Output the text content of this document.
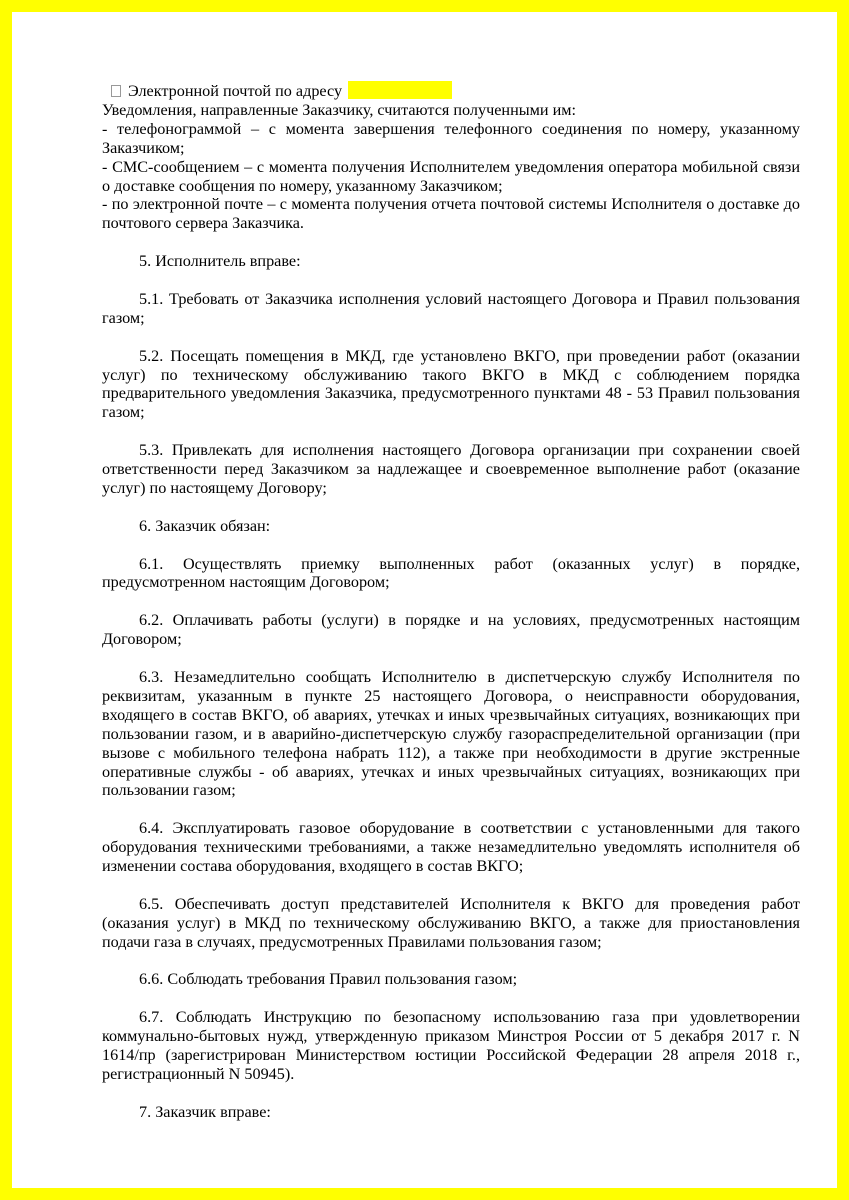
Электронной почтой по адресу

Уведомления, направленные Заказчику, считаются полученными им:

- телефонограммой – с момента завершения телефонного соединения по номеру, указанному Заказчиком;

- СМС-сообщением – с момента получения Исполнителем уведомления оператора мобильной связи о доставке сообщения по номеру, указанному Заказчиком;

- по электронной почте – с момента получения отчета почтовой системы Исполнителя о доставке до почтового сервера Заказчика.

5. Исполнитель вправе:

5.1. Требовать от Заказчика исполнения условий настоящего Договора и Правил пользования газом;

5.2. Посещать помещения в МКД, где установлено ВКГО, при проведении работ (оказании услуг) по техническому обслуживанию такого ВКГО в МКД с соблюдением порядка предварительного уведомления Заказчика, предусмотренного пунктами 48 - 53 Правил пользования газом;

5.3. Привлекать для исполнения настоящего Договора организации при сохранении своей ответственности перед Заказчиком за надлежащее и своевременное выполнение работ (оказание услуг) по настоящему Договору;

6. Заказчик обязан:

6.1. Осуществлять приемку выполненных работ (оказанных услуг) в порядке, предусмотренном настоящим Договором;

6.2. Оплачивать работы (услуги) в порядке и на условиях, предусмотренных настоящим Договором;

6.3. Незамедлительно сообщать Исполнителю в диспетчерскую службу Исполнителя по реквизитам, указанным в пункте 25 настоящего Договора, о неисправности оборудования, входящего в состав ВКГО, об авариях, утечках и иных чрезвычайных ситуациях, возникающих при пользовании газом, и в аварийно-диспетчерскую службу газораспределительной организации (при вызове с мобильного телефона набрать 112), а также при необходимости в другие экстренные оперативные службы - об авариях, утечках и иных чрезвычайных ситуациях, возникающих при пользовании газом;

6.4. Эксплуатировать газовое оборудование в соответствии с установленными для такого оборудования техническими требованиями, а также незамедлительно уведомлять исполнителя об изменении состава оборудования, входящего в состав ВКГО;

6.5. Обеспечивать доступ представителей Исполнителя к ВКГО для проведения работ (оказания услуг) в МКД по техническому обслуживанию ВКГО, а также для приостановления подачи газа в случаях, предусмотренных Правилами пользования газом;

6.6. Соблюдать требования Правил пользования газом;

6.7. Соблюдать Инструкцию по безопасному использованию газа при удовлетворении коммунально-бытовых нужд, утвержденную приказом Минстроя России от 5 декабря 2017 г. N 1614/пр (зарегистрирован Министерством юстиции Российской Федерации 28 апреля 2018 г., регистрационный N 50945).

7. Заказчик вправе:
